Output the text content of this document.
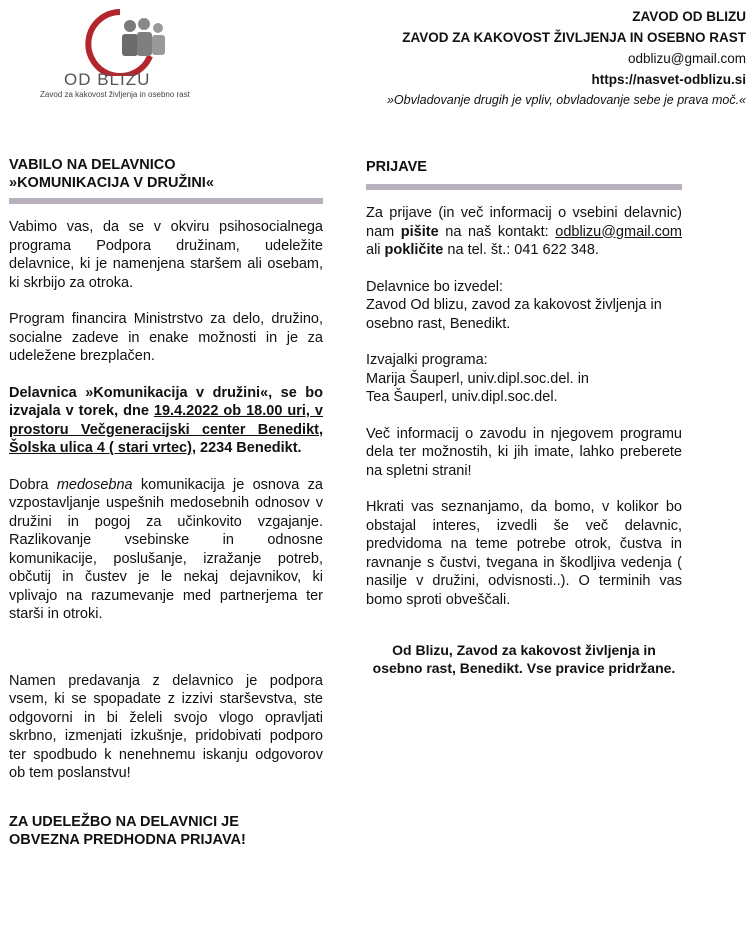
OD BLIZU
Zavod za kakovost življenja in osebno rast
ZAVOD OD BLIZU
ZAVOD ZA KAKOVOST ŽIVLJENJA IN OSEBNO RAST
odblizu@gmail.com
https://nasvet-odblizu.si
»Obvladovanje drugih je vpliv, obvladovanje sebe je prava moč.«
VABILO NA DELAVNICO
»KOMUNIKACIJA V DRUŽINI«

Vabimo vas, da se v okviru psihosocialnega programa Podpora družinam, udeležite delavnice, ki je namenjena staršem ali osebam, ki skrbijo za otroka.

Program financira Ministrstvo za delo, družino, socialne zadeve in enake možnosti in je za udeležene brezplačen.

Delavnica »Komunikacija v družini«, se bo izvajala v torek, dne 19.4.2022 ob 18.00 uri, v prostoru Večgeneracijski center Benedikt, Šolska ulica 4 ( stari vrtec), 2234 Benedikt.

Dobra medosebna komunikacija je osnova za vzpostavljanje uspešnih medosebnih odnosov v družini in pogoj za učinkovito vzgajanje. Razlikovanje vsebinske in odnosne komunikacije, poslušanje, izražanje potreb, občutij in čustev je le nekaj dejavnikov, ki vplivajo na razumevanje med partnerjema ter starši in otroki.

Namen predavanja z delavnico je podpora vsem, ki se spopadate z izzivi starševstva, ste odgovorni in bi želeli svojo vlogo opravljati skrbno, izmenjati izkušnje, pridobivati podporo ter spodbudo k nenehnemu iskanju odgovorov ob tem poslanstvu!

ZA UDELEŽBO NA DELAVNICI JE
OBVEZNA PREDHODNA PRIJAVA!
PRIJAVE

Za prijave (in več informacij o vsebini delavnic) nam pišite na naš kontakt: odblizu@gmail.com ali pokličite na tel. št.: 041 622 348.

Delavnice bo izvedel:
Zavod Od blizu, zavod za kakovost življenja in osebno rast, Benedikt.

Izvajalki programa:
Marija Šauperl, univ.dipl.soc.del. in
Tea Šauperl, univ.dipl.soc.del.

Več informacij o zavodu in njegovem programu dela ter možnostih, ki jih imate, lahko preberete na spletni strani!

Hkrati vas seznanjamo, da bomo, v kolikor bo obstajal interes, izvedli še več delavnic, predvidoma na teme potrebe otrok, čustva in ravnanje s čustvi, tvegana in škodljiva vedenja ( nasilje v družini, odvisnosti..). O terminih vas bomo sproti obveščali.

Od Blizu, Zavod za kakovost življenja in osebno rast, Benedikt. Vse pravice pridržane.
